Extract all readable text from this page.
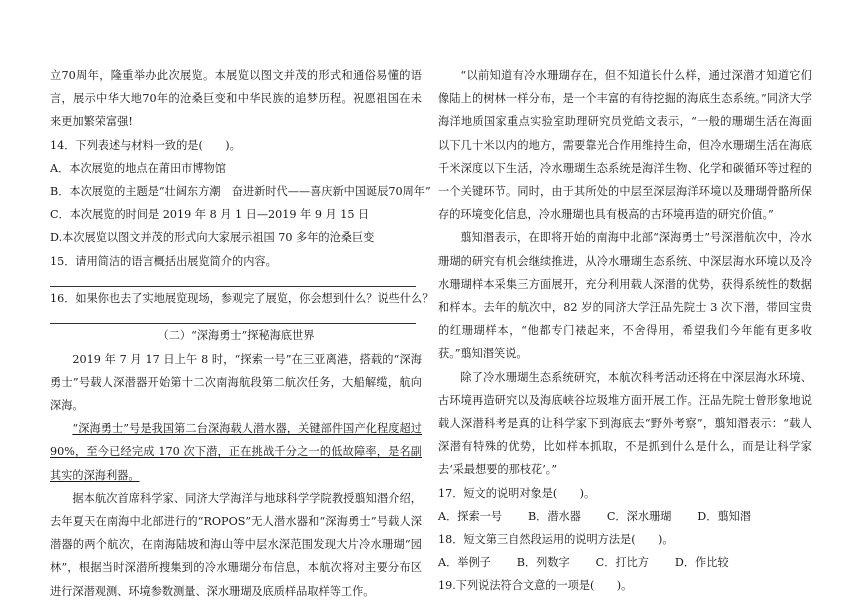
立70周年，隆重举办此次展览。本展览以图文并茂的形式和通俗易懂的语言，展示中华大地70年的沧桑巨变和中华民族的追梦历程。祝愿祖国在未来更加繁荣富强!

14．下列表述与材料一致的是(　　)。

A．本次展览的地点在莆田市博物馆

B．本次展览的主题是“壮阔东方潮　奋进新时代——喜庆新中国诞辰70周年”

C．本次展览的时间是 2019 年 8 月 1 日—2019 年 9 月 15 日

D.本次展览以图文并茂的形式向大家展示祖国 70 多年的沧桑巨变

15．请用简洁的语言概括出展览简介的内容。

16．如果你也去了实地展览现场，参观完了展览，你会想到什么？说些什么？

（二）“深海勇士”探秘海底世界

2019 年 7 月 17 日上午 8 时，“探索一号”在三亚离港，搭载的“深海勇士”号载人深潜器开始第十二次南海航段第二航次任务，大船解缆，航向深海。

“深海勇士”号是我国第二台深海载人潜水器，关键部件国产化程度超过 90%，至今已经完成 170 次下潜，正在挑战千分之一的低故障率，是名副其实的深海利器。

据本航次首席科学家、同济大学海洋与地球科学学院教授翦知湣介绍，去年夏天在南海中北部进行的“ROPOS”无人潜水器和“深海勇士”号载人深潜器的两个航次，在南海陆坡和海山等中层水深范围发现大片冷水珊瑚“园林”，根据当时深潜所搜集到的冷水珊瑚分布信息，本航次将对主要分布区进行深潜观测、环境参数测量、深水珊瑚及底质样品取样等工作。

“以前知道有冷水珊瑚存在，但不知道长什么样，通过深潜才知道它们像陆上的树林一样分布，是一个丰富的有待挖掘的海底生态系统。”同济大学海洋地质国家重点实验室助理研究员党皓文表示，“一般的珊瑚生活在海面以下几十米以内的地方，需要靠光合作用维持生命，但冷水珊瑚生活在海底千米深度以下生活，冷水珊瑚生态系统是海洋生物、化学和碳循环等过程的一个关键环节。同时，由于其所处的中层至深层海洋环境以及珊瑚骨骼所保存的环境变化信息，冷水珊瑚也具有极高的古环境再造的研究价值。”

翦知湣表示，在即将开始的南海中北部“深海勇士”号深潜航次中，冷水珊瑚的研究有机会继续推进，从冷水珊瑚生态系统、中深层海水环境以及冷水珊瑚样本采集三方面展开，充分利用载人深潜的优势，获得系统性的数据和样本。去年的航次中，82 岁的同济大学汪品先院士 3 次下潜，带回宝贵的红珊瑚样本，“他都专门裱起来，不舍得用，希望我们今年能有更多收获。”翦知湣笑说。

除了冷水珊瑚生态系统研究，本航次科考活动还将在中深层海水环境、古环境再造研究以及海底峡谷垃圾堆方面开展工作。汪品先院士曾形象地说载人深潜科考是真的让科学家下到海底去“野外考察”，翦知湣表示：“载人深潜有特殊的优势，比如样本抓取，不是抓到什么是什么，而是让科学家去‘采最想要的那枝花’。”

17．短文的说明对象是(　　)。

A．探索一号　　 B．潜水器　　 C．深水珊瑚　　 D．翦知湣

18．短文第三自然段运用的说明方法是(　　)。

A．举例子　　 B．列数字　　 C．打比方　　 D．作比较

19.下列说法符合文意的一项是(　　)。
